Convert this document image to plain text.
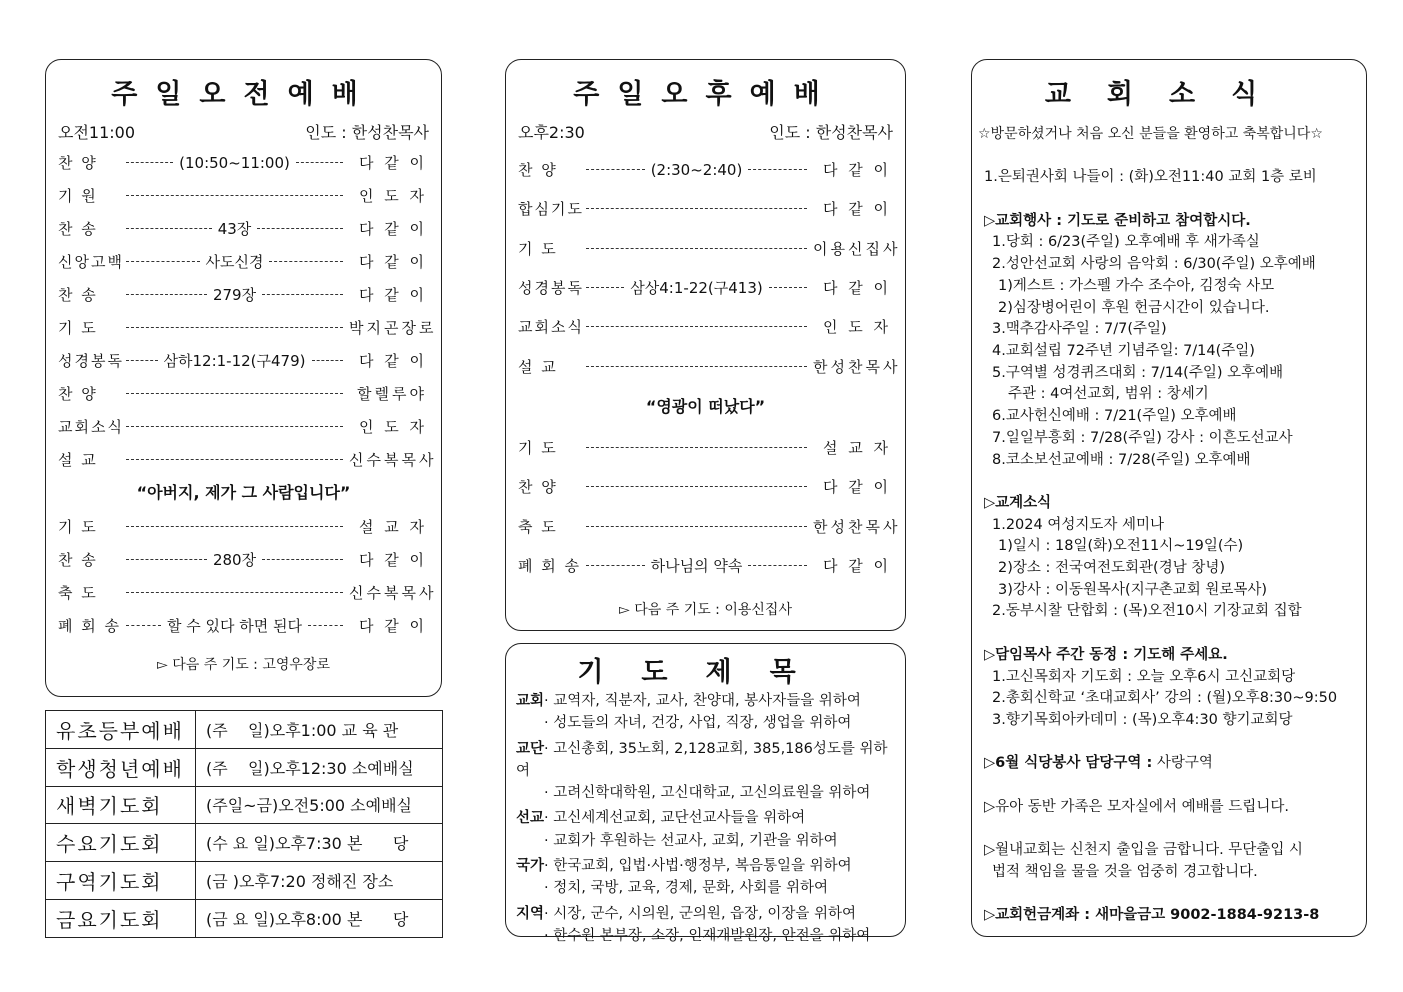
주일오전예배
오전11:00	인도 : 한성찬목사
찬 양	(10:50~11:00)	다 같 이
기 원	인 도 자
찬 송	43장	다 같 이
신앙고백	사도신경	다 같 이
찬 송	279장	다 같 이
기 도	박지곤장로
성경봉독	삼하12:1-12(구479)	다 같 이
찬 양	할렐루야
교회소식	인 도 자
설 교	신수복목사
“아버지, 제가 그 사람입니다”
기 도	설 교 자
찬 송	280장	다 같 이
축 도	신수복목사
폐 회 송	할 수 있다 하면 된다	다 같 이
▻ 다음 주 기도 : 고영우장로
유초등부예배	(주    일)오후1:00 교 육 관
학생청년예배	(주    일)오후12:30 소예배실
새벽기도회	(주일~금)오전5:00 소예배실
수요기도회	(수 요 일)오후7:30 본      당
구역기도회	(금 )오후7:20 정해진 장소
금요기도회	(금 요 일)오후8:00 본      당
주일오후예배
오후2:30	인도 : 한성찬목사
찬 양	(2:30~2:40)	다 같 이
합심기도	다 같 이
기 도	이용신집사
성경봉독	삼상4:1-22(구413)	다 같 이
교회소식	인 도 자
설 교	한성찬목사
“영광이 떠났다”
기 도	설 교 자
찬 양	다 같 이
축 도	한성찬목사
폐 회 송	하나님의 약속	다 같 이
▻ 다음 주 기도 : 이용신집사
기도제목
교회· 교역자, 직분자, 교사, 찬양대, 봉사자들을 위하여
· 성도들의 자녀, 건강, 사업, 직장, 생업을 위하여
교단· 고신총회, 35노회, 2,128교회, 385,186성도를 위하여
· 고려신학대학원, 고신대학교, 고신의료원을 위하여
선교· 고신세계선교회, 교단선교사들을 위하여
· 교회가 후원하는 선교사, 교회, 기관을 위하여
국가· 한국교회, 입법·사법·행정부, 복음통일을 위하여
· 정치, 국방, 교육, 경제, 문화, 사회를 위하여
지역· 시장, 군수, 시의원, 군의원, 읍장, 이장을 위하여
· 한수원 본부장, 소장, 인재개발원장, 안전을 위하여
교회소식
☆방문하셨거나 처음 오신 분들을 환영하고 축복합니다☆
1.은퇴권사회 나들이 : (화)오전11:40 교회 1층 로비
▷교회행사 : 기도로 준비하고 참여합시다.
1.당회 : 6/23(주일) 오후예배 후 새가족실
2.성안선교회 사랑의 음악회 : 6/30(주일) 오후예배
1)게스트 : 가스펠 가수 조수아, 김정숙 사모
2)심장병어린이 후원 헌금시간이 있습니다.
3.맥추감사주일 : 7/7(주일)
4.교회설립 72주년 기념주일: 7/14(주일)
5.구역별 성경퀴즈대회 : 7/14(주일) 오후예배
주관 : 4여선교회, 범위 : 창세기
6.교사헌신예배 : 7/21(주일) 오후예배
7.일일부흥회 : 7/28(주일) 강사 : 이흔도선교사
8.코소보선교예배 : 7/28(주일) 오후예배
▷교계소식
1.2024 여성지도자 세미나
1)일시 : 18일(화)오전11시~19일(수)
2)장소 : 전국여전도회관(경남 창녕)
3)강사 : 이동원목사(지구촌교회 원로목사)
2.동부시찰 단합회 : (목)오전10시 기장교회 집합
▷담임목사 주간 동정 : 기도해 주세요.
1.고신목회자 기도회 : 오늘 오후6시 고신교회당
2.총회신학교 ‘초대교회사’ 강의 : (월)오후8:30~9:50
3.향기목회아카데미 : (목)오후4:30 향기교회당
▷6월 식당봉사 담당구역 : 사랑구역
▷유아 동반 가족은 모자실에서 예배를 드립니다.
▷월내교회는 신천지 출입을 금합니다. 무단출입 시
법적 책임을 물을 것을 엄중히 경고합니다.
▷교회헌금계좌 : 새마을금고 9002-1884-9213-8
